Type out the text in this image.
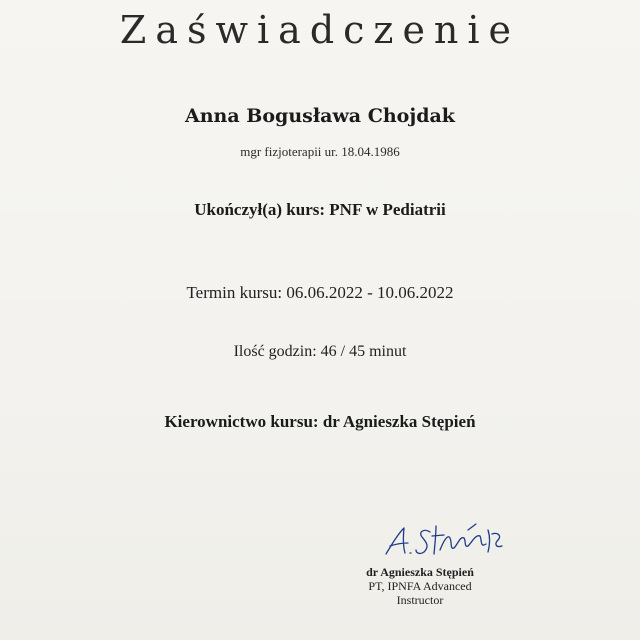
Zaświadczenie
Anna Bogusława Chojdak
mgr fizjoterapii ur. 18.04.1986
Ukończył(a) kurs: PNF w Pediatrii
Termin kursu: 06.06.2022 - 10.06.2022
Ilość godzin: 46 / 45 minut
Kierownictwo kursu: dr Agnieszka Stępień
dr Agnieszka Stępień
PT, IPNFA Advanced
Instructor
